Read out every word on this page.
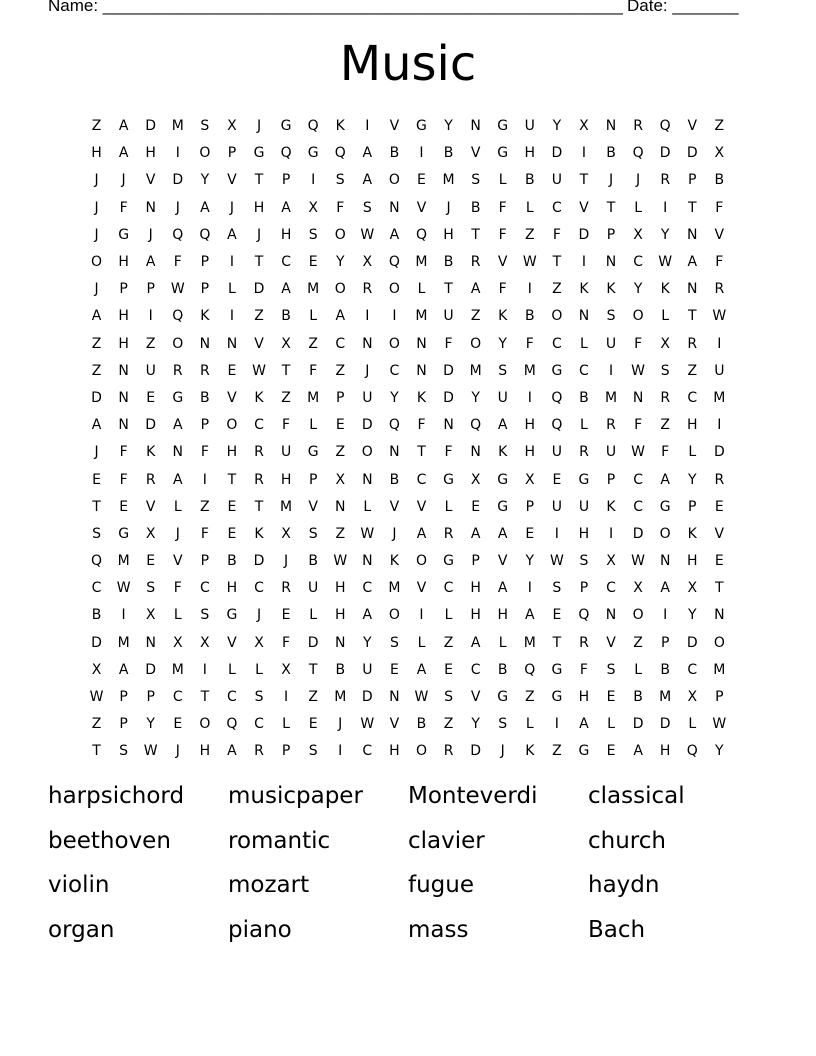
Name: _______________________________________________________ Date: _______
Music
Z	A	D	M	S	X	J	G	Q	K	I	V	G	Y	N	G	U	Y	X	N	R	Q	V	Z
H	A	H	I	O	P	G	Q	G	Q	A	B	I	B	V	G	H	D	I	B	Q	D	D	X
J	J	V	D	Y	V	T	P	I	S	A	O	E	M	S	L	B	U	T	J	J	R	P	B
J	F	N	J	A	J	H	A	X	F	S	N	V	J	B	F	L	C	V	T	L	I	T	F
J	G	J	Q	Q	A	J	H	S	O	W	A	Q	H	T	F	Z	F	D	P	X	Y	N	V
O	H	A	F	P	I	T	C	E	Y	X	Q	M	B	R	V	W	T	I	N	C	W	A	F
J	P	P	W	P	L	D	A	M	O	R	O	L	T	A	F	I	Z	K	K	Y	K	N	R
A	H	I	Q	K	I	Z	B	L	A	I	I	M	U	Z	K	B	O	N	S	O	L	T	W
Z	H	Z	O	N	N	V	X	Z	C	N	O	N	F	O	Y	F	C	L	U	F	X	R	I
Z	N	U	R	R	E	W	T	F	Z	J	C	N	D	M	S	M	G	C	I	W	S	Z	U
D	N	E	G	B	V	K	Z	M	P	U	Y	K	D	Y	U	I	Q	B	M	N	R	C	M
A	N	D	A	P	O	C	F	L	E	D	Q	F	N	Q	A	H	Q	L	R	F	Z	H	I
J	F	K	N	F	H	R	U	G	Z	O	N	T	F	N	K	H	U	R	U	W	F	L	D
E	F	R	A	I	T	R	H	P	X	N	B	C	G	X	G	X	E	G	P	C	A	Y	R
T	E	V	L	Z	E	T	M	V	N	L	V	V	L	E	G	P	U	U	K	C	G	P	E
S	G	X	J	F	E	K	X	S	Z	W	J	A	R	A	A	E	I	H	I	D	O	K	V
Q	M	E	V	P	B	D	J	B	W	N	K	O	G	P	V	Y	W	S	X	W	N	H	E
C	W	S	F	C	H	C	R	U	H	C	M	V	C	H	A	I	S	P	C	X	A	X	T
B	I	X	L	S	G	J	E	L	H	A	O	I	L	H	H	A	E	Q	N	O	I	Y	N
D	M	N	X	X	V	X	F	D	N	Y	S	L	Z	A	L	M	T	R	V	Z	P	D	O
X	A	D	M	I	L	L	X	T	B	U	E	A	E	C	B	Q	G	F	S	L	B	C	M
W	P	P	C	T	C	S	I	Z	M	D	N	W	S	V	G	Z	G	H	E	B	M	X	P
Z	P	Y	E	O	Q	C	L	E	J	W	V	B	Z	Y	S	L	I	A	L	D	D	L	W
T	S	W	J	H	A	R	P	S	I	C	H	O	R	D	J	K	Z	G	E	A	H	Q	Y
harpsichord	musicpaper	Monteverdi	classical
beethoven	romantic	clavier	church
violin	mozart	fugue	haydn
organ	piano	mass	Bach
